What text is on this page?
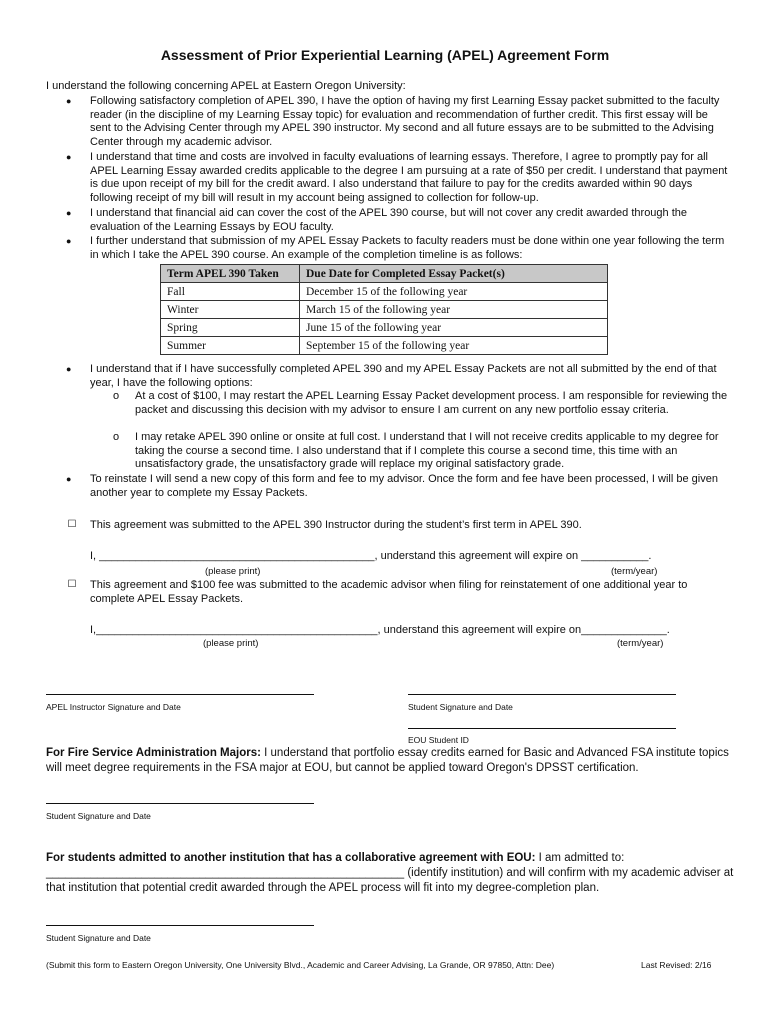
Assessment of Prior Experiential Learning (APEL) Agreement Form

I understand the following concerning APEL at Eastern Oregon University:

● Following satisfactory completion of APEL 390, I have the option of having my first Learning Essay packet submitted to the faculty reader (in the discipline of my Learning Essay topic) for evaluation and recommendation of further credit. This first essay will be sent to the Advising Center through my APEL 390 instructor. My second and all future essays are to be submitted to the Advising Center through my academic advisor.
● I understand that time and costs are involved in faculty evaluations of learning essays. Therefore, I agree to promptly pay for all APEL Learning Essay awarded credits applicable to the degree I am pursuing at a rate of $50 per credit. I understand that payment is due upon receipt of my bill for the credit award. I also understand that failure to pay for the credits awarded within 90 days following receipt of my bill will result in my account being assigned to collection for follow-up.
● I understand that financial aid can cover the cost of the APEL 390 course, but will not cover any credit awarded through the evaluation of the Learning Essays by EOU faculty.
● I further understand that submission of my APEL Essay Packets to faculty readers must be done within one year following the term in which I take the APEL 390 course. An example of the completion timeline is as follows:
Term APEL 390 Taken	Due Date for Completed Essay Packet(s)
Fall	December 15 of the following year
Winter	March 15 of the following year
Spring	June 15 of the following year
Summer	September 15 of the following year
● I understand that if I have successfully completed APEL 390 and my APEL Essay Packets are not all submitted by the end of that year, I have the following options:
o At a cost of $100, I may restart the APEL Learning Essay Packet development process. I am responsible for reviewing the packet and discussing this decision with my advisor to ensure I am current on any new portfolio essay criteria.
o I may retake APEL 390 online or onsite at full cost. I understand that I will not receive credits applicable to my degree for taking the course a second time. I also understand that if I complete this course a second time, this time with an unsatisfactory grade, the unsatisfactory grade will replace my original satisfactory grade.
● To reinstate I will send a new copy of this form and fee to my advisor. Once the form and fee have been processed, I will be given another year to complete my Essay Packets.
☐ This agreement was submitted to the APEL 390 Instructor during the student’s first term in APEL 390.

I, _____________________________________________, understand this agreement will expire on ___________.

(please print)	(term/year)
☐ This agreement and $100 fee was submitted to the academic advisor when filing for reinstatement of one additional year to complete APEL Essay Packets.

I,______________________________________________, understand this agreement will expire on______________.

(please print)	(term/year)
APEL Instructor Signature and Date	Student Signature and Date
EOU Student ID

For Fire Service Administration Majors: I understand that portfolio essay credits earned for Basic and Advanced FSA institute topics will meet degree requirements in the FSA major at EOU, but cannot be applied toward Oregon's DPSST certification.

Student Signature and Date

For students admitted to another institution that has a collaborative agreement with EOU: I am admitted to:
________________________________________________________ (identify institution) and will confirm with my academic adviser at that institution that potential credit awarded through the APEL process will fit into my degree-completion plan.

Student Signature and Date
(Submit this form to Eastern Oregon University, One University Blvd., Academic and Career Advising, La Grande, OR 97850, Attn: Dee)	Last Revised: 2/16
